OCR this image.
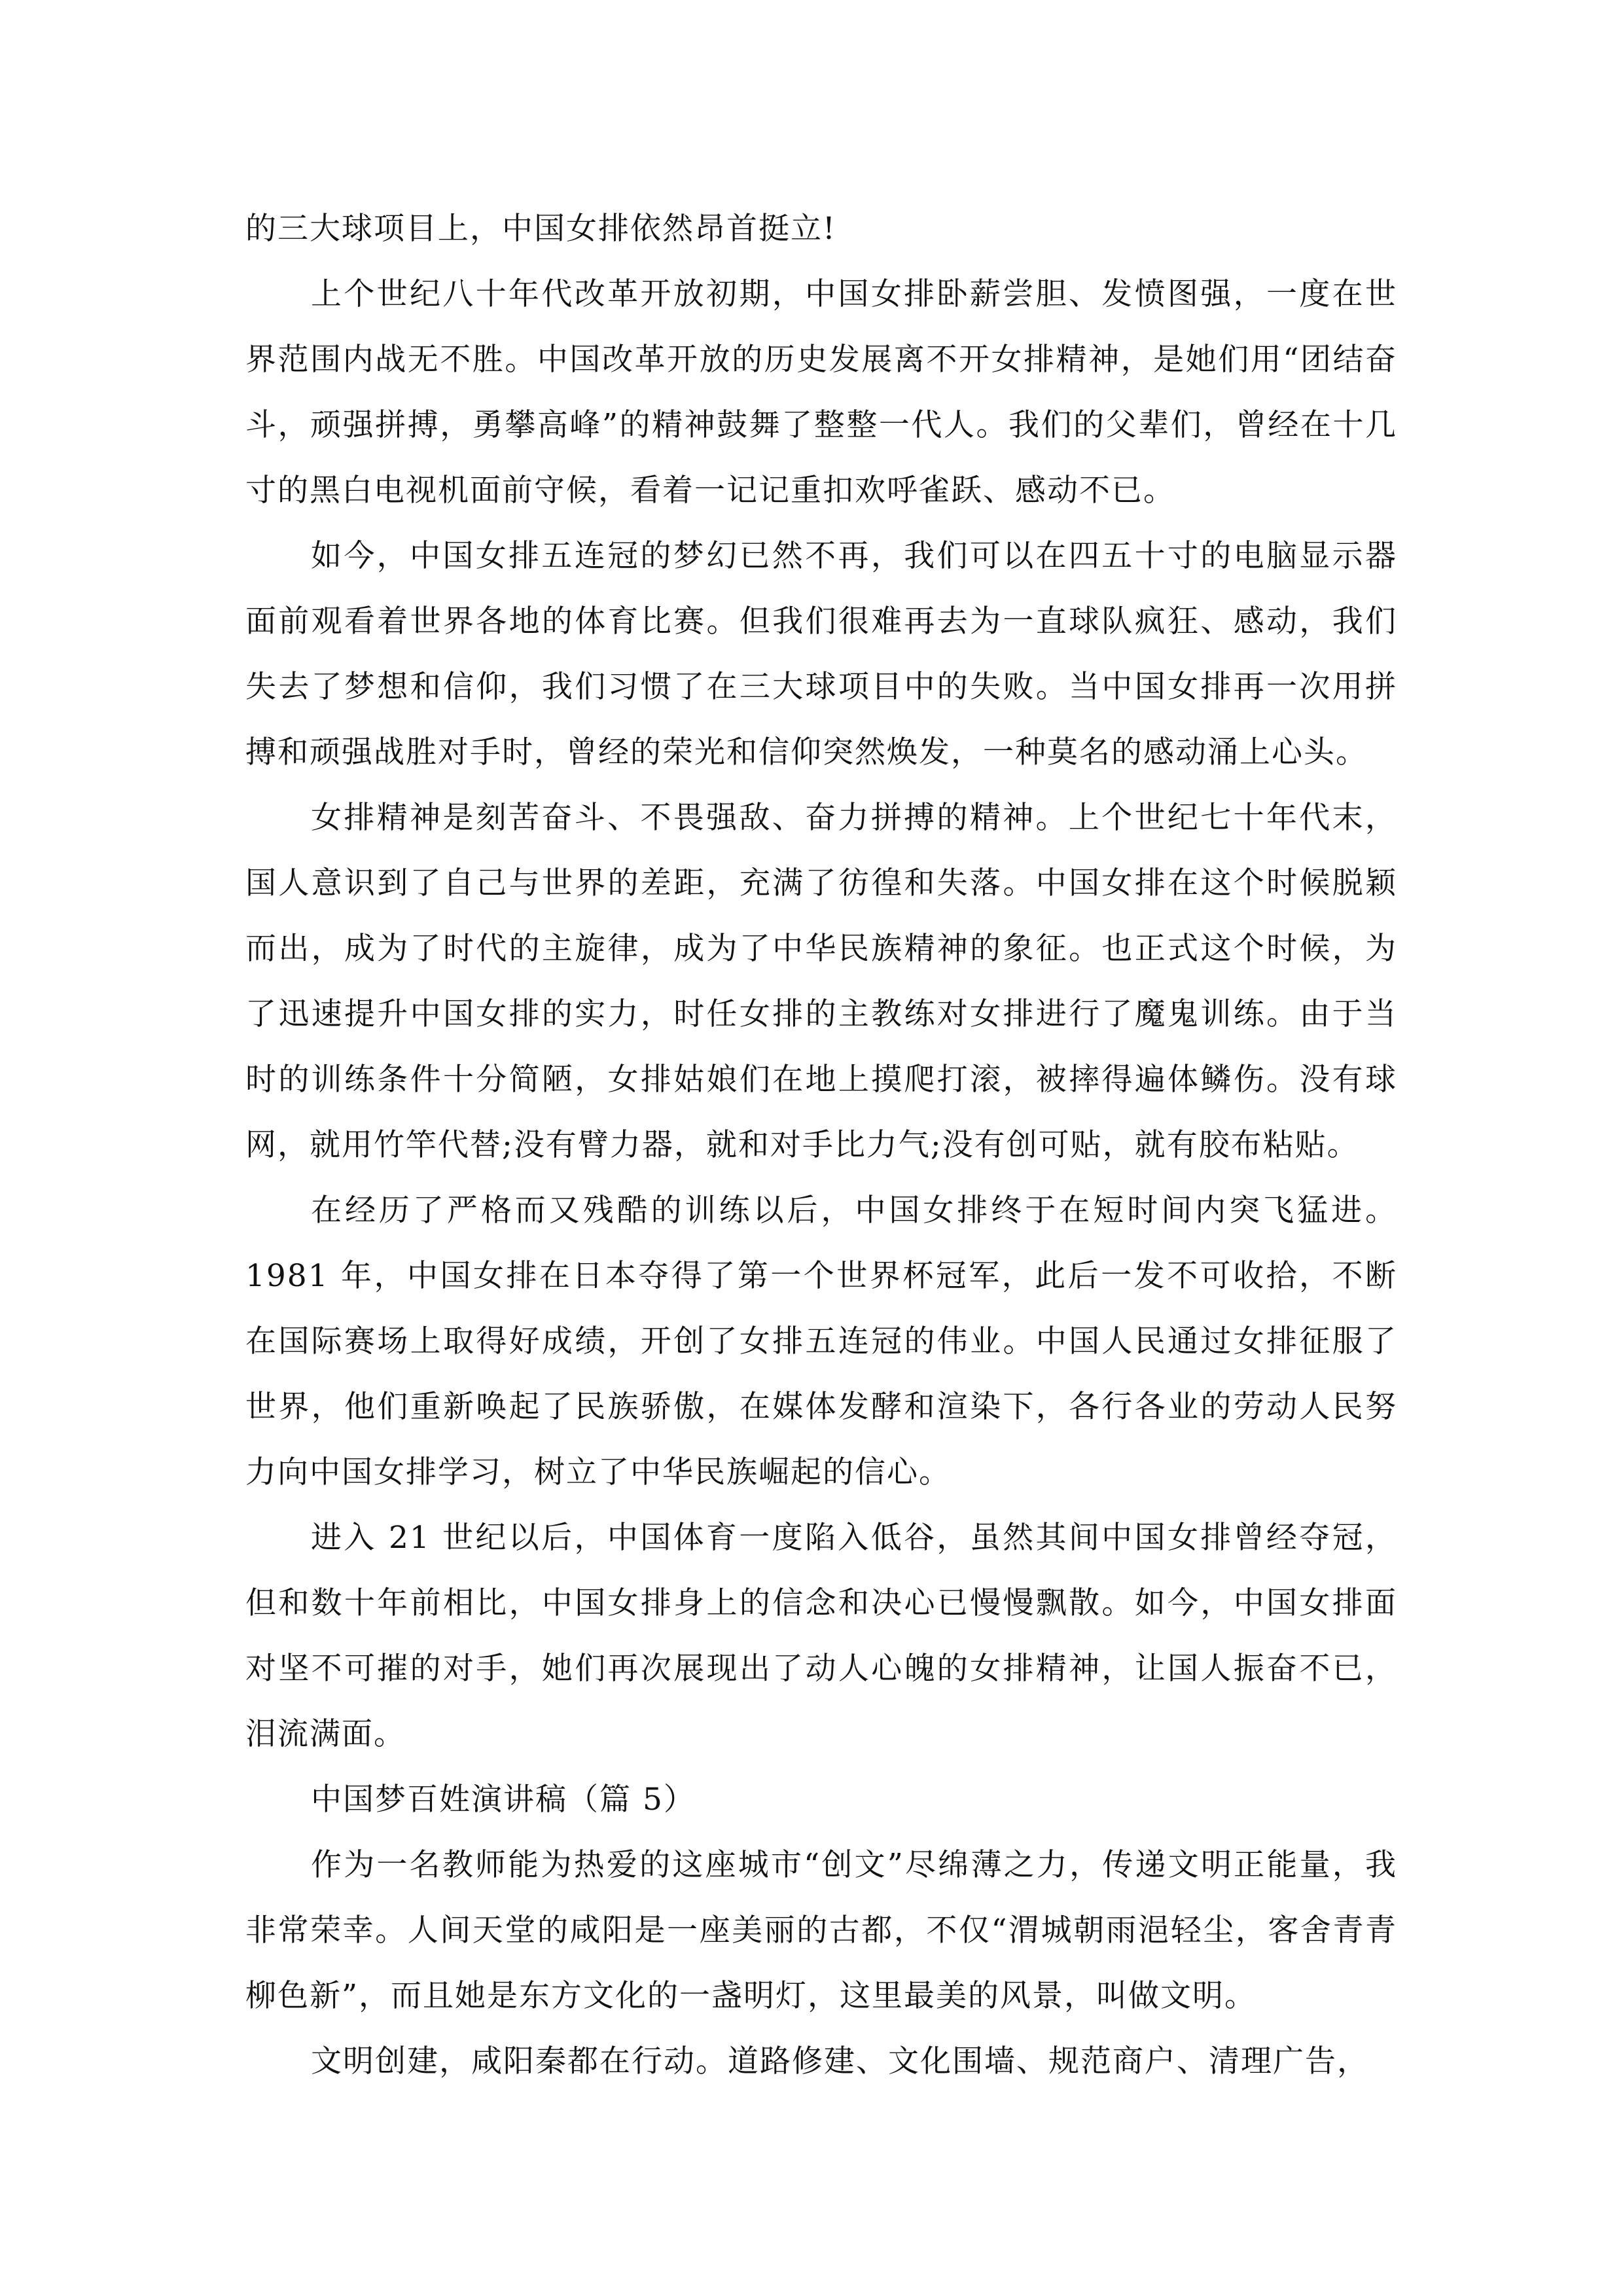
的三大球项目上，中国女排依然昂首挺立!

上个世纪八十年代改革开放初期，中国女排卧薪尝胆、发愤图强，一度在世界范围内战无不胜。中国改革开放的历史发展离不开女排精神，是她们用“团结奋斗，顽强拼搏，勇攀高峰”的精神鼓舞了整整一代人。我们的父辈们，曾经在十几寸的黑白电视机面前守候，看着一记记重扣欢呼雀跃、感动不已。

如今，中国女排五连冠的梦幻已然不再，我们可以在四五十寸的电脑显示器面前观看着世界各地的体育比赛。但我们很难再去为一直球队疯狂、感动，我们失去了梦想和信仰，我们习惯了在三大球项目中的失败。当中国女排再一次用拼搏和顽强战胜对手时，曾经的荣光和信仰突然焕发，一种莫名的感动涌上心头。

女排精神是刻苦奋斗、不畏强敌、奋力拼搏的精神。上个世纪七十年代末，国人意识到了自己与世界的差距，充满了彷徨和失落。中国女排在这个时候脱颖而出，成为了时代的主旋律，成为了中华民族精神的象征。也正式这个时候，为了迅速提升中国女排的实力，时任女排的主教练对女排进行了魔鬼训练。由于当时的训练条件十分简陋，女排姑娘们在地上摸爬打滚，被摔得遍体鳞伤。没有球网，就用竹竿代替;没有臂力器，就和对手比力气;没有创可贴，就有胶布粘贴。

在经历了严格而又残酷的训练以后，中国女排终于在短时间内突飞猛进。1981 年，中国女排在日本夺得了第一个世界杯冠军，此后一发不可收拾，不断在国际赛场上取得好成绩，开创了女排五连冠的伟业。中国人民通过女排征服了世界，他们重新唤起了民族骄傲，在媒体发酵和渲染下，各行各业的劳动人民努力向中国女排学习，树立了中华民族崛起的信心。

进入 21 世纪以后，中国体育一度陷入低谷，虽然其间中国女排曾经夺冠，但和数十年前相比，中国女排身上的信念和决心已慢慢飘散。如今，中国女排面对坚不可摧的对手，她们再次展现出了动人心魄的女排精神，让国人振奋不已，泪流满面。

中国梦百姓演讲稿（篇 5）

作为一名教师能为热爱的这座城市“创文”尽绵薄之力，传递文明正能量，我非常荣幸。人间天堂的咸阳是一座美丽的古都，不仅“渭城朝雨浥轻尘，客舍青青柳色新”，而且她是东方文化的一盏明灯，这里最美的风景，叫做文明。

文明创建，咸阳秦都在行动。道路修建、文化围墙、规范商户、清理广告，
